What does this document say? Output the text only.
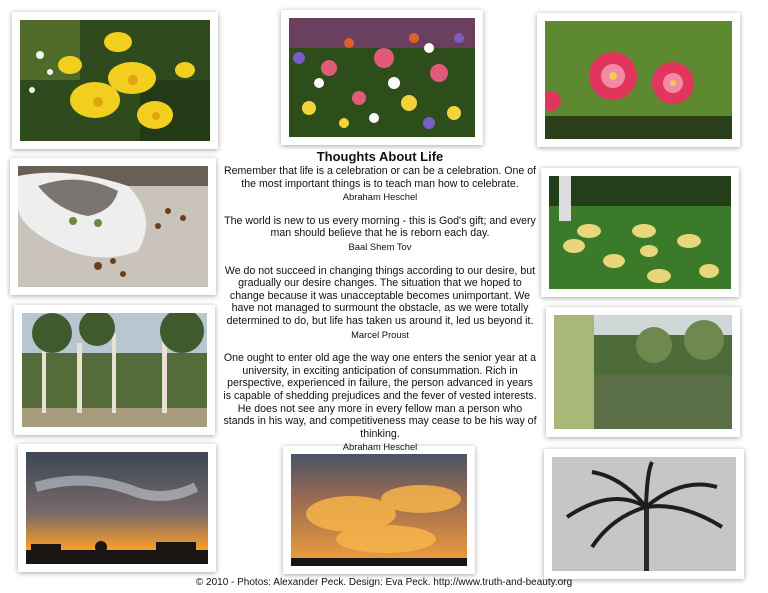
Thoughts About Life

Remember that life is a celebration or can be a celebration. One of the most important things is to teach man how to celebrate.

Abraham Heschel

The world is new to us every morning - this is God's gift; and every man should believe that he is reborn each day.

Baal Shem Tov

We do not succeed in changing things according to our desire, but gradually our desire changes. The situation that we hoped to change because it was unacceptable becomes unimportant. We have not managed to surmount the obstacle, as we were totally determined to do, but life has taken us around it, led us beyond it.

Marcel Proust

One ought to enter old age the way one enters the senior year at a university, in exciting anticipation of consummation. Rich in perspective, experienced in failure, the person advanced in years is capable of shedding prejudices and the fever of vested interests. He does not see any more in every fellow man a person who stands in his way, and competitiveness may cease to be his way of thinking.

Abraham Heschel

© 2010 - Photos: Alexander Peck. Design: Eva Peck. http://www.truth-and-beauty.org
